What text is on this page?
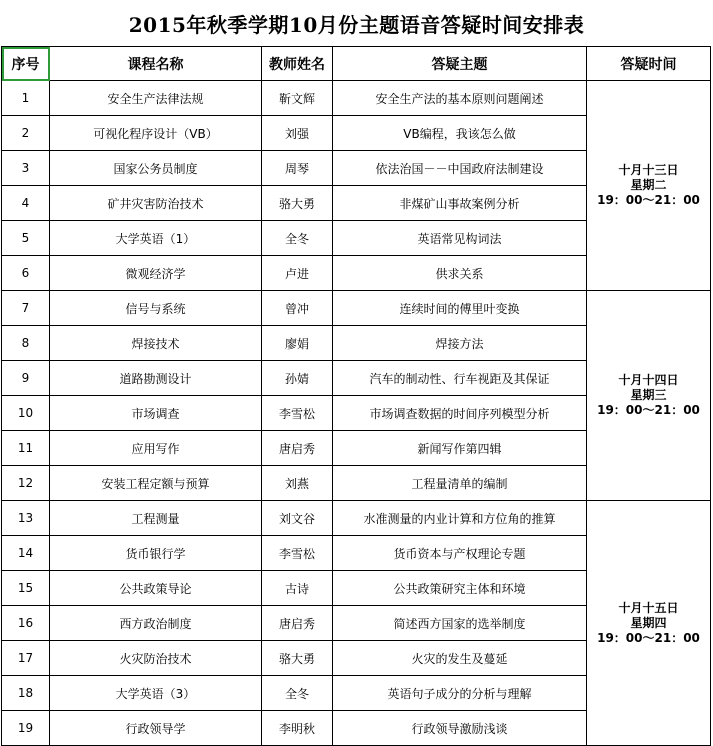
2015年秋季学期10月份主题语音答疑时间安排表
序号	课程名称	教师姓名	答疑主题	答疑时间	
1	安全生产法律法规	靳文辉	安全生产法的基本原则问题阐述	十月十三日
星期二
19：00～21：00	

2	可视化程序设计（VB）	刘强	VB编程，我该怎么做		
3	国家公务员制度	周琴	依法治国－－中国政府法制建设		
4	矿井灾害防治技术	骆大勇	非煤矿山事故案例分析		
5	大学英语（1）	全冬	英语常见构词法		
6	微观经济学	卢进	供求关系		
7	信号与系统	曾冲	连续时间的傅里叶变换	十月十四日
星期三
19：00～21：00	

8	焊接技术	廖娟	焊接方法		
9	道路勘测设计	孙婧	汽车的制动性、行车视距及其保证		
10	市场调查	李雪松	市场调查数据的时间序列模型分析		
11	应用写作	唐启秀	新闻写作第四辑		
12	安装工程定额与预算	刘燕	工程量清单的编制		
13	工程测量	刘文谷	水准测量的内业计算和方位角的推算	十月十五日
星期四
19：00～21：00	

14	货币银行学	李雪松	货币资本与产权理论专题		
15	公共政策导论	古诗	公共政策研究主体和环境		
16	西方政治制度	唐启秀	简述西方国家的选举制度		
17	火灾防治技术	骆大勇	火灾的发生及蔓延		
18	大学英语（3）	全冬	英语句子成分的分析与理解		
19	行政领导学	李明秋	行政领导激励浅谈		
